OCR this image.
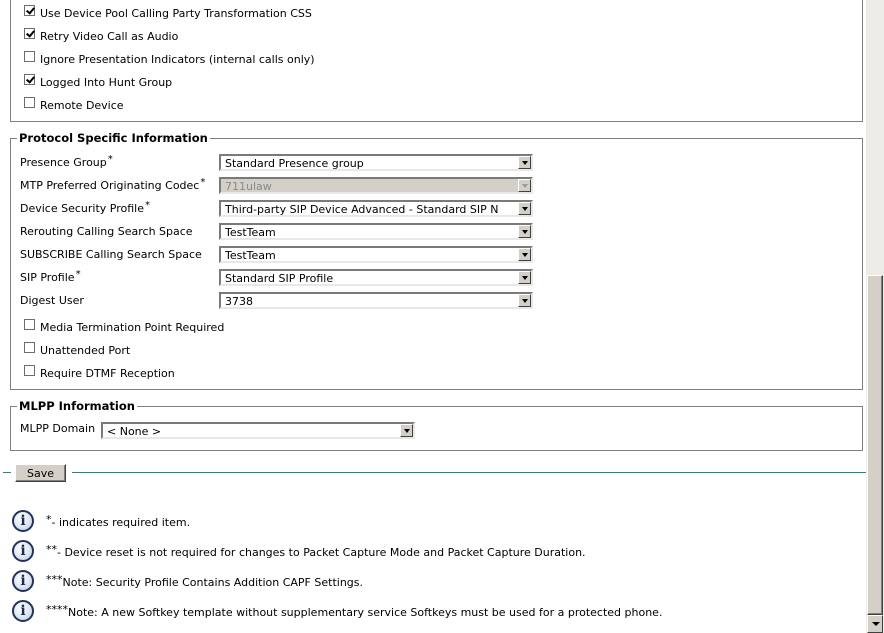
Use Device Pool Calling Party Transformation CSS
Retry Video Call as Audio
Ignore Presentation Indicators (internal calls only)
Logged Into Hunt Group
Remote Device
Protocol Specific Information
Presence Group*	Standard Presence group
MTP Preferred Originating Codec* 711ulaw
Device Security Profile*	Third-party SIP Device Advanced - Standard SIP N
Rerouting Calling Search Space	TestTeam
SUBSCRIBE Calling Search Space TestTeam
SIP Profile*	Standard SIP Profile
Digest User	3738
Media Termination Point Required
Unattended Port
Require DTMF Reception
MLPP Information
MLPP Domain < None >
Save
i
*- indicates required item.
i
**- Device reset is not required for changes to Packet Capture Mode and Packet Capture Duration.
i
***Note: Security Profile Contains Addition CAPF Settings.
i
****Note: A new Softkey template without supplementary service Softkeys must be used for a protected phone.
